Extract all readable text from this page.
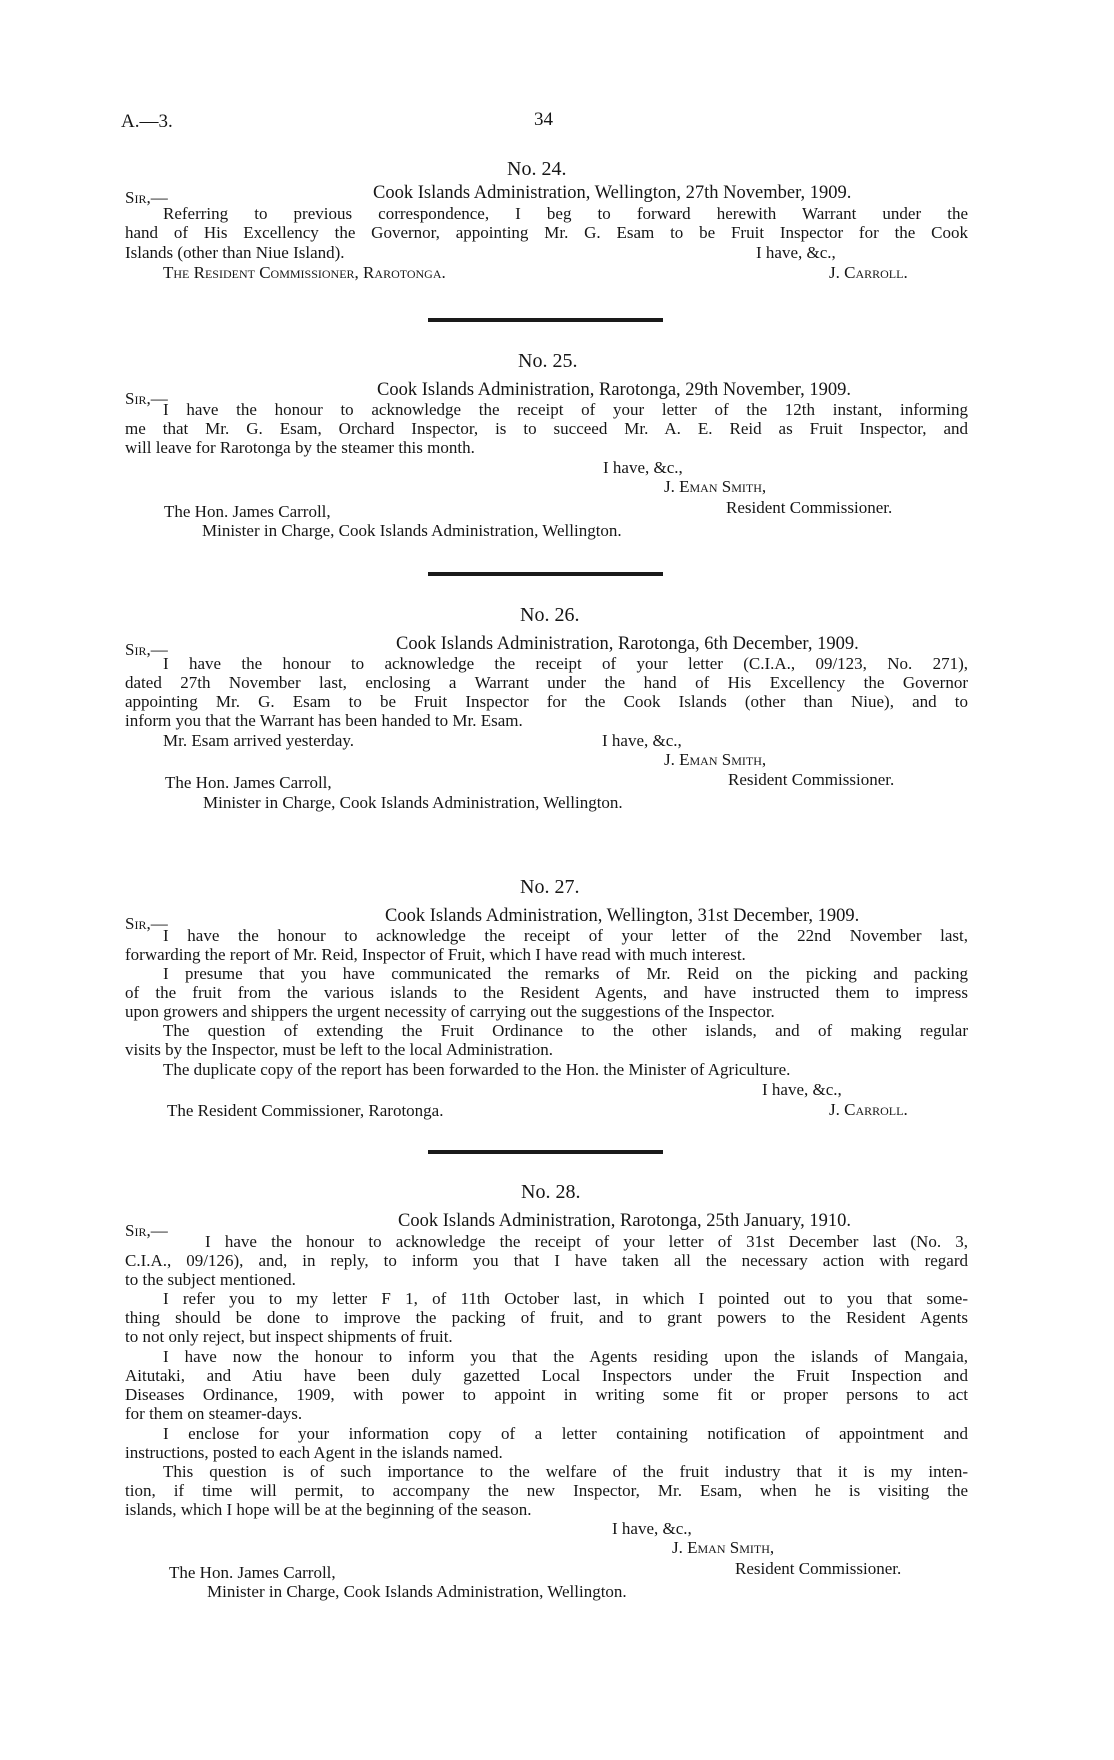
A.—3.	34
No. 24.
Sir,—	Cook Islands Administration, Wellington, 27th November, 1909.
Referring to previous correspondence, I beg to forward herewith Warrant under the
hand of His Excellency the Governor, appointing Mr. G. Esam to be Fruit Inspector for the Cook
Islands (other than Niue Island).	I have, &c.,
The Resident Commissioner, Rarotonga.	J. Carroll.
No. 25.
Sir,—	Cook Islands Administration, Rarotonga, 29th November, 1909.
I have the honour to acknowledge the receipt of your letter of the 12th instant, informing
me that Mr. G. Esam, Orchard Inspector, is to succeed Mr. A. E. Reid as Fruit Inspector, and
will leave for Rarotonga by the steamer this month.
I have, &c.,
J. Eman Smith,
The Hon. James Carroll,	Resident Commissioner.
Minister in Charge, Cook Islands Administration, Wellington.
No. 26.
Sir,—	Cook Islands Administration, Rarotonga, 6th December, 1909.
I have the honour to acknowledge the receipt of your letter (C.I.A., 09/123, No. 271),
dated 27th November last, enclosing a Warrant under the hand of His Excellency the Governor
appointing Mr. G. Esam to be Fruit Inspector for the Cook Islands (other than Niue), and to
inform you that the Warrant has been handed to Mr. Esam.
Mr. Esam arrived yesterday.	I have, &c.,
J. Eman Smith,
The Hon. James Carroll,	Resident Commissioner.
Minister in Charge, Cook Islands Administration, Wellington.
No. 27.
Sir,—	Cook Islands Administration, Wellington, 31st December, 1909.
I have the honour to acknowledge the receipt of your letter of the 22nd November last,
forwarding the report of Mr. Reid, Inspector of Fruit, which I have read with much interest.
I presume that you have communicated the remarks of Mr. Reid on the picking and packing
of the fruit from the various islands to the Resident Agents, and have instructed them to impress
upon growers and shippers the urgent necessity of carrying out the suggestions of the Inspector.
The question of extending the Fruit Ordinance to the other islands, and of making regular
visits by the Inspector, must be left to the local Administration.
The duplicate copy of the report has been forwarded to the Hon. the Minister of Agriculture.
I have, &c.,
The Resident Commissioner, Rarotonga.	J. Carroll.
No. 28.
Sir,—	Cook Islands Administration, Rarotonga, 25th January, 1910.
I have the honour to acknowledge the receipt of your letter of 31st December last (No. 3,
C.I.A., 09/126), and, in reply, to inform you that I have taken all the necessary action with regard
to the subject mentioned.
I refer you to my letter F 1, of 11th October last, in which I pointed out to you that some-
thing should be done to improve the packing of fruit, and to grant powers to the Resident Agents
to not only reject, but inspect shipments of fruit.
I have now the honour to inform you that the Agents residing upon the islands of Mangaia,
Aitutaki, and Atiu have been duly gazetted Local Inspectors under the Fruit Inspection and
Diseases Ordinance, 1909, with power to appoint in writing some fit or proper persons to act
for them on steamer-days.
I enclose for your information copy of a letter containing notification of appointment and
instructions, posted to each Agent in the islands named.
This question is of such importance to the welfare of the fruit industry that it is my inten-
tion, if time will permit, to accompany the new Inspector, Mr. Esam, when he is visiting the
islands, which I hope will be at the beginning of the season.
I have, &c.,
J. Eman Smith,
The Hon. James Carroll,	Resident Commissioner.
Minister in Charge, Cook Islands Administration, Wellington.
